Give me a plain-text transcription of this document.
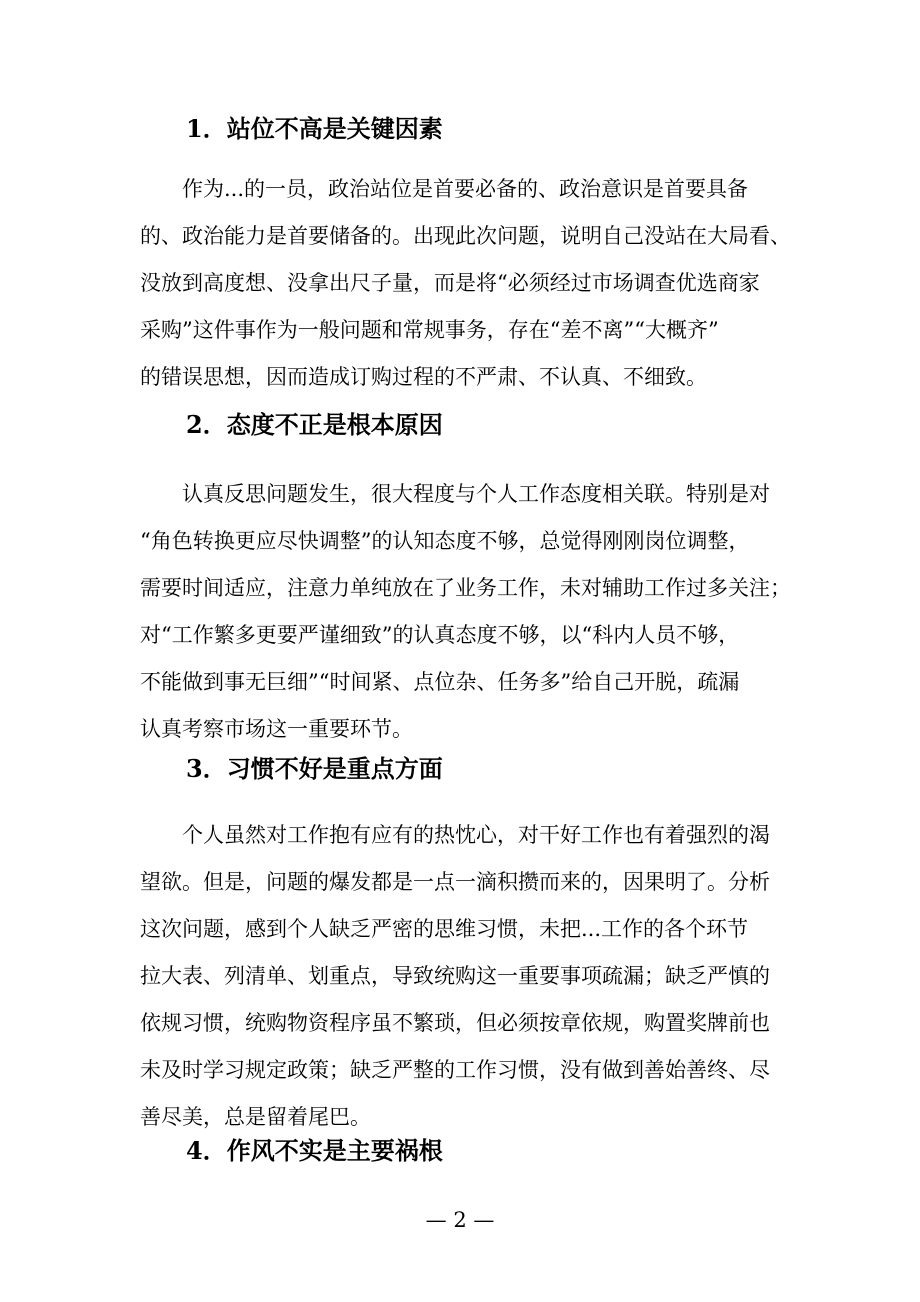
1．站位不高是关键因素
　　作为...的一员，政治站位是首要必备的、政治意识是首要具备
的、政治能力是首要储备的。出现此次问题，说明自己没站在大局看、
没放到高度想、没拿出尺子量，而是将“必须经过市场调查优选商家
采购”这件事作为一般问题和常规事务，存在“差不离”“大概齐”
的错误思想，因而造成订购过程的不严肃、不认真、不细致。
2．态度不正是根本原因
　　认真反思问题发生，很大程度与个人工作态度相关联。特别是对
“角色转换更应尽快调整”的认知态度不够，总觉得刚刚岗位调整，
需要时间适应，注意力单纯放在了业务工作，未对辅助工作过多关注；
对“工作繁多更要严谨细致”的认真态度不够，以“科内人员不够，
不能做到事无巨细”“时间紧、点位杂、任务多”给自己开脱，疏漏
认真考察市场这一重要环节。
3．习惯不好是重点方面
　　个人虽然对工作抱有应有的热忱心，对干好工作也有着强烈的渴
望欲。但是，问题的爆发都是一点一滴积攒而来的，因果明了。分析
这次问题，感到个人缺乏严密的思维习惯，未把...工作的各个环节
拉大表、列清单、划重点，导致统购这一重要事项疏漏；缺乏严慎的
依规习惯，统购物资程序虽不繁琐，但必须按章依规，购置奖牌前也
未及时学习规定政策；缺乏严整的工作习惯，没有做到善始善终、尽
善尽美，总是留着尾巴。
4．作风不实是主要祸根
— 2 —
